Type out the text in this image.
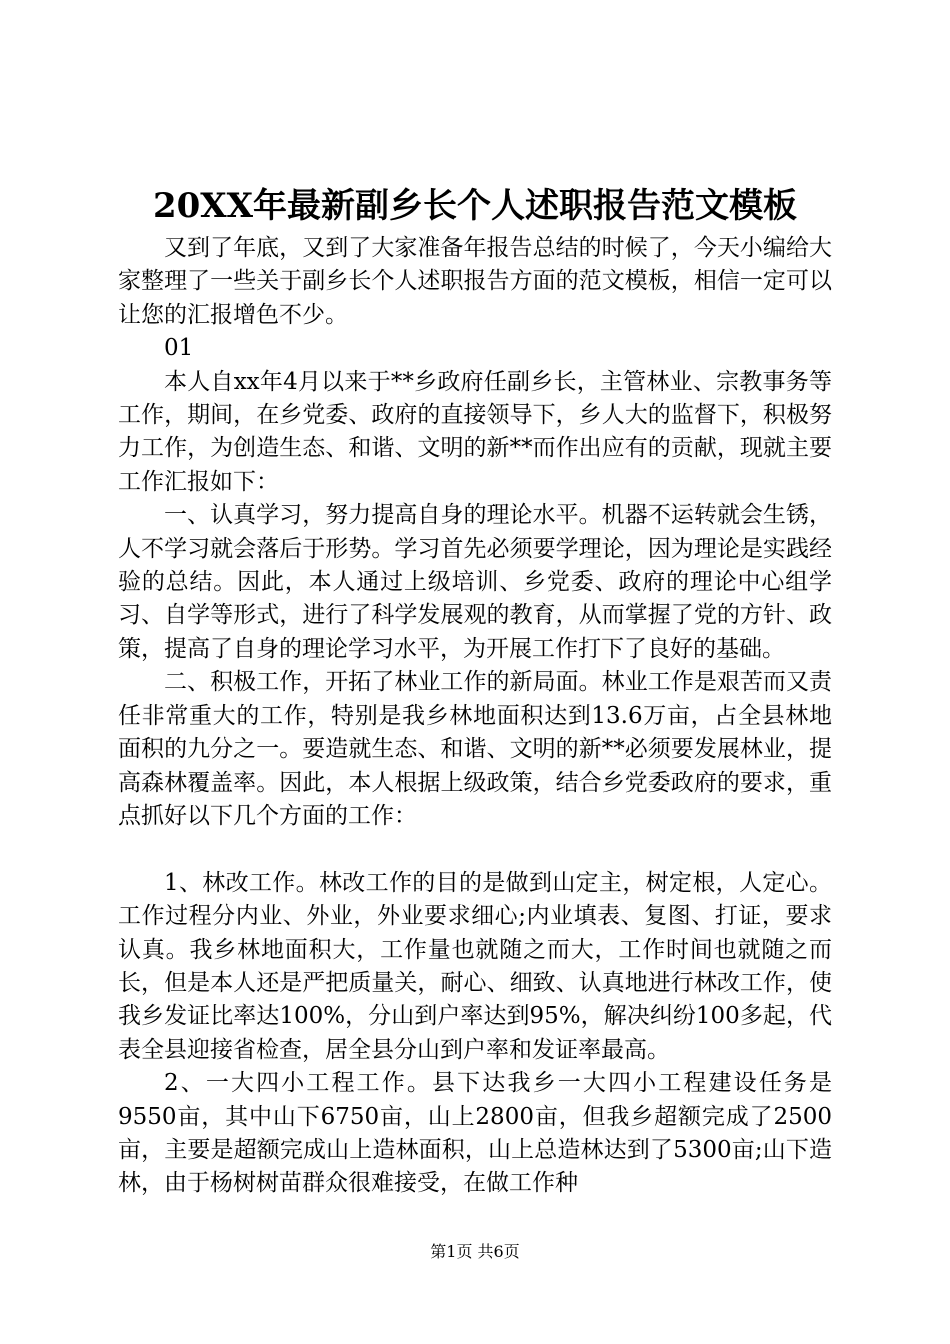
20XX年最新副乡长个人述职报告范文模板

又到了年底，又到了大家准备年报告总结的时候了，今天小编给大家整理了一些关于副乡长个人述职报告方面的范文模板，相信一定可以让您的汇报增色不少。

01

本人自xx年4月以来于**乡政府任副乡长，主管林业、宗教事务等工作，期间，在乡党委、政府的直接领导下，乡人大的监督下，积极努力工作，为创造生态、和谐、文明的新**而作出应有的贡献，现就主要工作汇报如下：

一、认真学习，努力提高自身的理论水平。机器不运转就会生锈，人不学习就会落后于形势。学习首先必须要学理论，因为理论是实践经验的总结。因此，本人通过上级培训、乡党委、政府的理论中心组学习、自学等形式，进行了科学发展观的教育，从而掌握了党的方针、政策，提高了自身的理论学习水平，为开展工作打下了良好的基础。

二、积极工作，开拓了林业工作的新局面。林业工作是艰苦而又责任非常重大的工作，特别是我乡林地面积达到13.6万亩，占全县林地面积的九分之一。要造就生态、和谐、文明的新**必须要发展林业，提高森林覆盖率。因此，本人根据上级政策，结合乡党委政府的要求，重点抓好以下几个方面的工作：

1、林改工作。林改工作的目的是做到山定主，树定根，人定心。工作过程分内业、外业，外业要求细心;内业填表、复图、打证，要求认真。我乡林地面积大，工作量也就随之而大，工作时间也就随之而长，但是本人还是严把质量关，耐心、细致、认真地进行林改工作，使我乡发证比率达100%，分山到户率达到95%，解决纠纷100多起，代表全县迎接省检查，居全县分山到户率和发证率最高。

2、一大四小工程工作。县下达我乡一大四小工程建设任务是9550亩，其中山下6750亩，山上2800亩，但我乡超额完成了2500亩，主要是超额完成山上造林面积，山上总造林达到了5300亩;山下造林，由于杨树树苗群众很难接受，在做工作种

第1页 共6页
